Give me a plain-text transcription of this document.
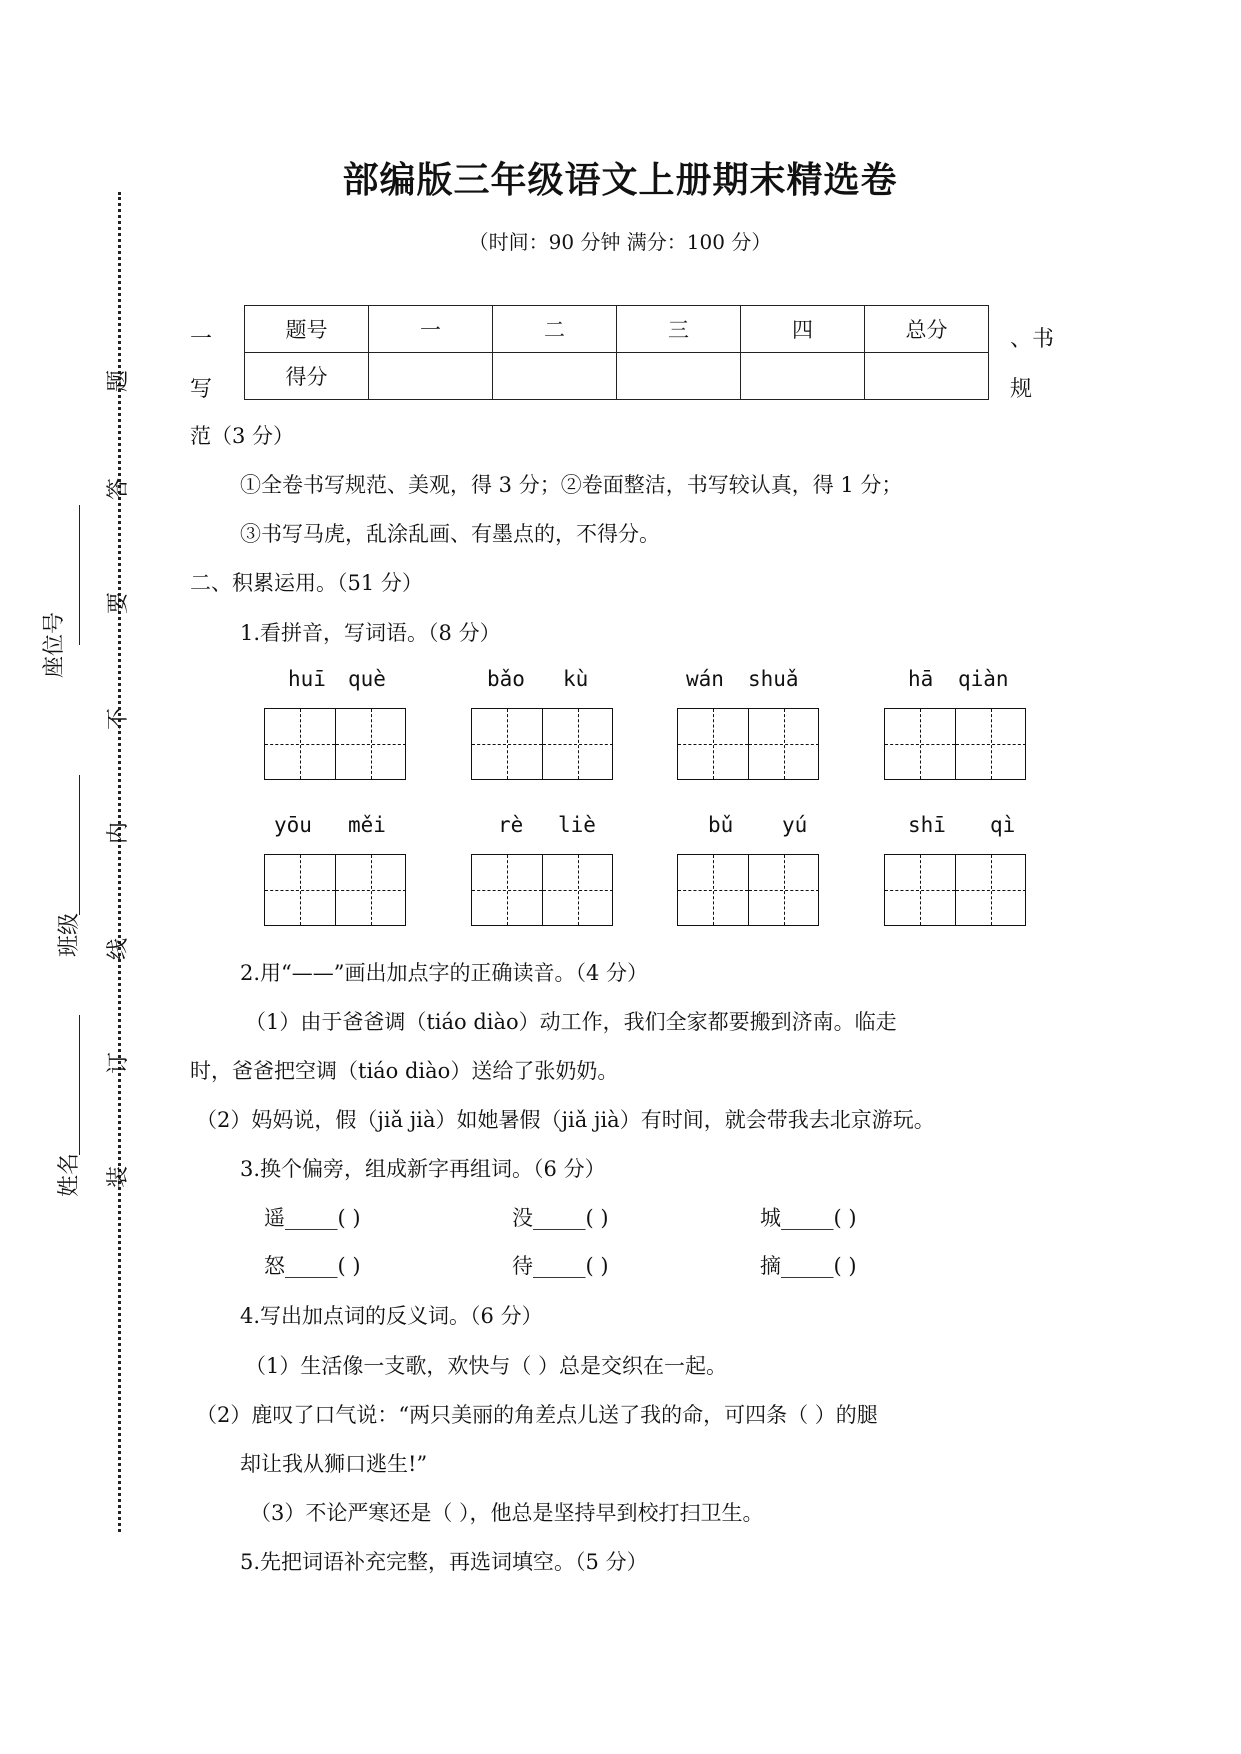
题
答
要
不
内
线
订
装
座位号
班级
姓名
部编版三年级语文上册期末精选卷
（时间：90 分钟 满分：100 分）
一
写
题号	一	二	三	四	总分
得分					
、书
规
范（3 分）
①全卷书写规范、美观，得 3 分；②卷面整洁，书写较认真，得 1 分；
③书写马虎，乱涂乱画、有墨点的，不得分。
二、积累运用。（51 分）
1.看拼音，写词语。（8 分）
huī què	bǎo kù	wán shuǎ	hā qiàn
yōu měi	rè liè	bǔ yú	shī qì
2.用“——”画出加点字的正确读音。（4 分）
（1）由于爸爸调（tiáo diào）动工作，我们全家都要搬到济南。临走
时，爸爸把空调（tiáo diào）送给了张奶奶。
（2）妈妈说，假（jiǎ jià）如她暑假（jiǎ jià）有时间，就会带我去北京游玩。
3.换个偏旁，组成新字再组词。（6 分）
遥_____( )	没_____( )	城_____( )
怒_____( )	待_____( )	摘_____( )
4.写出加点词的反义词。（6 分）
（1）生活像一支歌，欢快与（ ）总是交织在一起。
（2）鹿叹了口气说：“两只美丽的角差点儿送了我的命，可四条（ ）的腿
却让我从狮口逃生!”
（3）不论严寒还是（ ），他总是坚持早到校打扫卫生。
5.先把词语补充完整，再选词填空。（5 分）
